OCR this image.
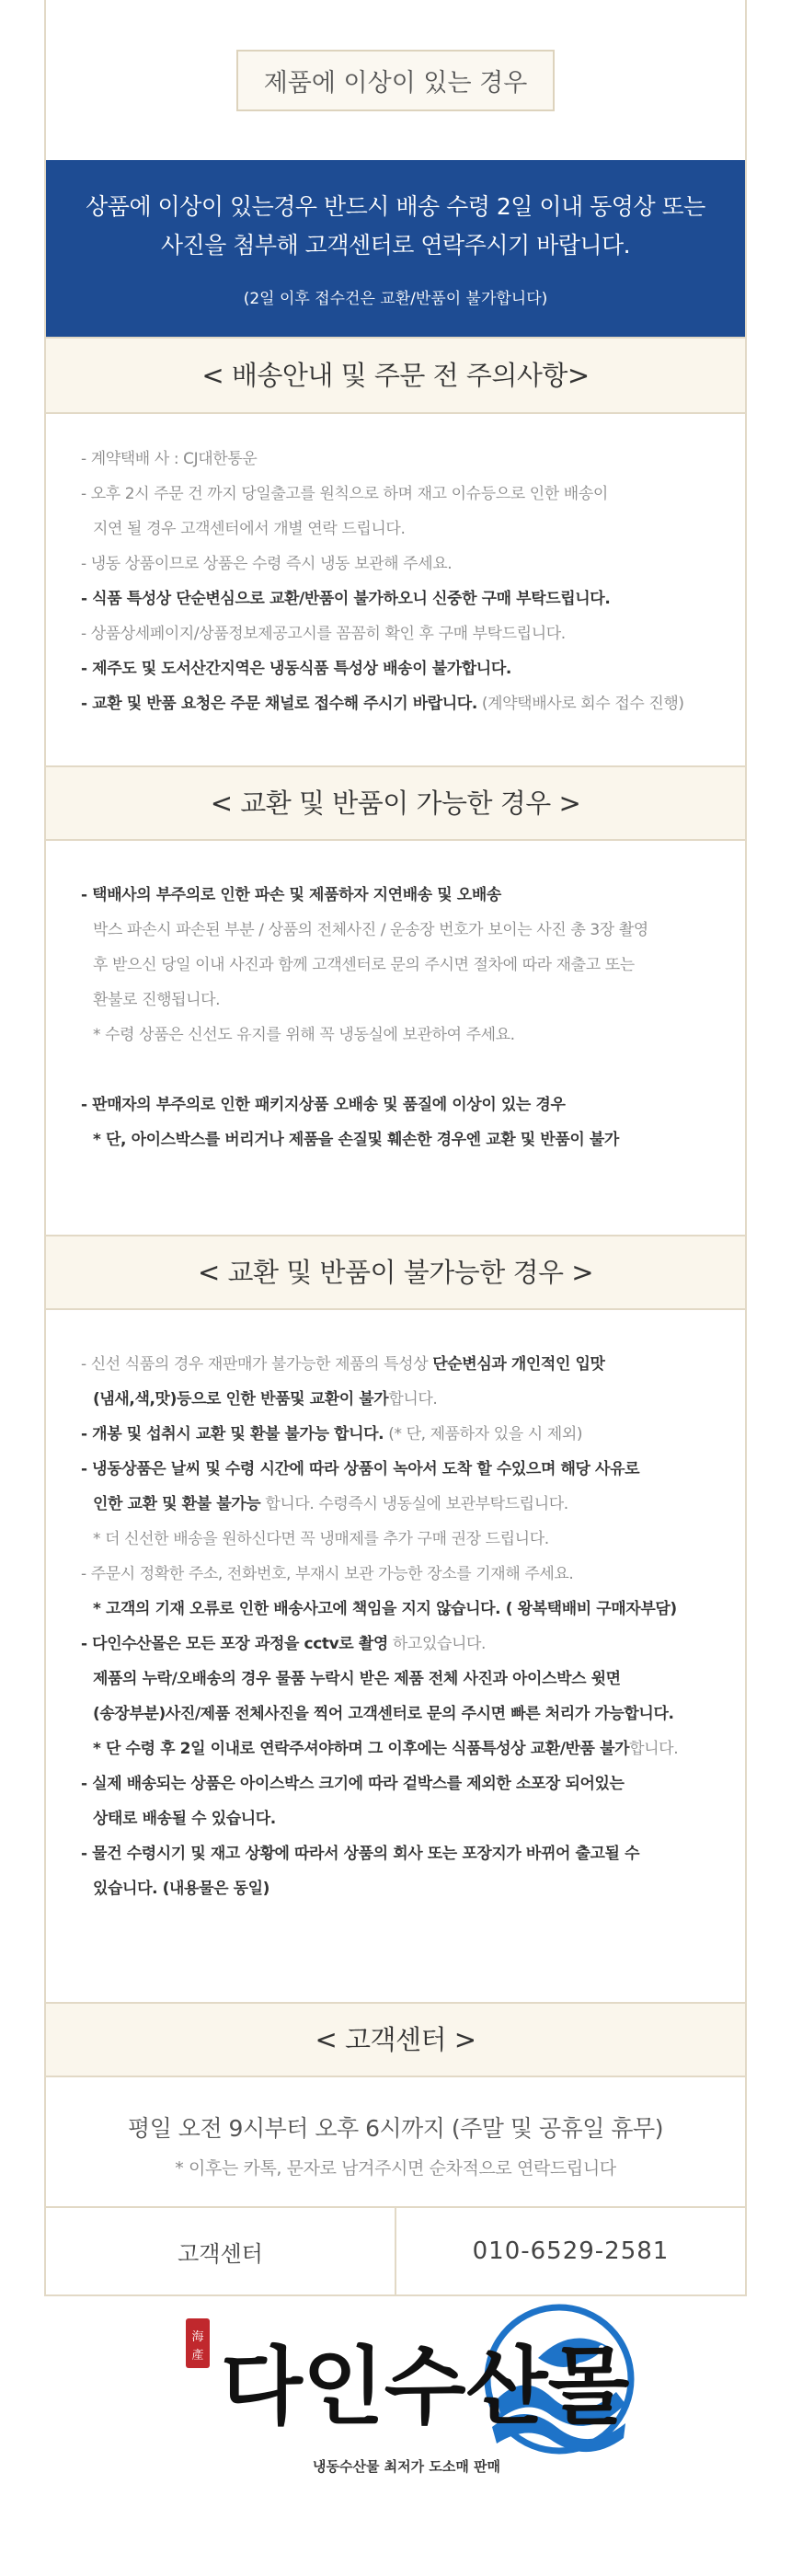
제품에 이상이 있는 경우
상품에 이상이 있는경우 반드시 배송 수령 2일 이내 동영상 또는
사진을 첨부해 고객센터로 연락주시기 바랍니다.
(2일 이후 접수건은 교환/반품이 불가합니다)
< 배송안내 및 주문 전 주의사항>
- 계약택배 사 : CJ대한통운
- 오후 2시 주문 건 까지 당일출고를 원칙으로 하며 재고 이슈등으로 인한 배송이
지연 될 경우 고객센터에서 개별 연락 드립니다.
- 냉동 상품이므로 상품은 수령 즉시 냉동 보관해 주세요.
- 식품 특성상 단순변심으로 교환/반품이 불가하오니 신중한 구매 부탁드립니다.
- 상품상세페이지/상품정보제공고시를 꼼꼼히 확인 후 구매 부탁드립니다.
- 제주도 및 도서산간지역은 냉동식품 특성상 배송이 불가합니다.
- 교환 및 반품 요청은 주문 채널로 접수해 주시기 바랍니다. (계약택배사로 회수 접수 진행)
< 교환 및 반품이 가능한 경우 >
- 택배사의 부주의로 인한 파손 및 제품하자 지연배송 및 오배송
박스 파손시 파손된 부분 / 상품의 전체사진 / 운송장 번호가 보이는 사진 총 3장 촬영
후 받으신 당일 이내 사진과 함께 고객센터로 문의 주시면 절차에 따라 재출고 또는
환불로 진행됩니다.
* 수령 상품은 신선도 유지를 위해 꼭 냉동실에 보관하여 주세요.
- 판매자의 부주의로 인한 패키지상품 오배송 및 품질에 이상이 있는 경우
* 단, 아이스박스를 버리거나 제품을 손질및 훼손한 경우엔 교환 및 반품이 불가
< 교환 및 반품이 불가능한 경우 >
- 신선 식품의 경우 재판매가 불가능한 제품의 특성상 단순변심과 개인적인 입맛
(냄새,색,맛)등으로 인한 반품및 교환이 불가합니다.
- 개봉 및 섭취시 교환 및 환불 불가능 합니다. (* 단, 제품하자 있을 시 제외)
- 냉동상품은 날씨 및 수령 시간에 따라 상품이 녹아서 도착 할 수있으며 해당 사유로
인한 교환 및 환불 불가능 합니다. 수령즉시 냉동실에 보관부탁드립니다.
* 더 신선한 배송을 원하신다면 꼭 냉매제를 추가 구매 권장 드립니다.
- 주문시 정확한 주소, 전화번호, 부재시 보관 가능한 장소를 기재해 주세요.
* 고객의 기재 오류로 인한 배송사고에 책임을 지지 않습니다. ( 왕복택배비 구매자부담)
- 다인수산몰은 모든 포장 과정을 cctv로 촬영 하고있습니다.
제품의 누락/오배송의 경우 물품 누락시 받은 제품 전체 사진과 아이스박스 윗면
(송장부분)사진/제품 전체사진을 찍어 고객센터로 문의 주시면 빠른 처리가 가능합니다.
* 단 수령 후 2일 이내로 연락주셔야하며 그 이후에는 식품특성상 교환/반품 불가합니다.
- 실제 배송되는 상품은 아이스박스 크기에 따라 겉박스를 제외한 소포장 되어있는
상태로 배송될 수 있습니다.
- 물건 수령시기 및 재고 상황에 따라서 상품의 회사 또는 포장지가 바뀌어 출고될 수
있습니다. (내용물은 동일)
< 고객센터 >
평일 오전 9시부터 오후 6시까지 (주말 및 공휴일 휴무)
* 이후는 카톡, 문자로 남겨주시면 순차적으로 연락드립니다
고객센터	010-6529-2581
海
產 다인수산몰
냉동수산물 최저가 도소매 판매
